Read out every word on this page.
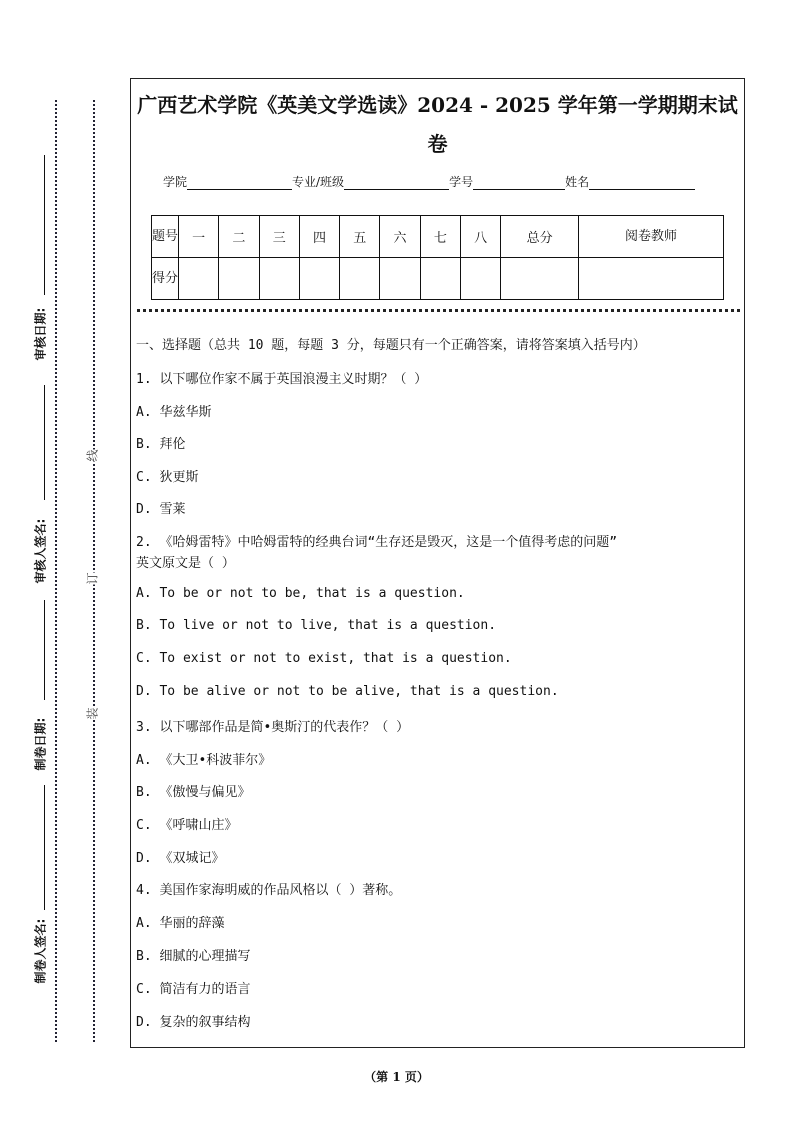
审核日期:
审核人签名:
制卷日期:
制卷人签名:
线
订
装
广西艺术学院《英美文学选读》2024 - 2025 学年第一学期期末试
卷
学院	专业/班级	学号	姓名
题号	一	二	三	四	五	六	七	八	总分	阅卷教师
得分										
一、选择题（总共 10 题，每题 3 分，每题只有一个正确答案，请将答案填入括号内）
1. 以下哪位作家不属于英国浪漫主义时期？（ ）
A. 华兹华斯
B. 拜伦
C. 狄更斯
D. 雪莱
2. 《哈姆雷特》中哈姆雷特的经典台词“生存还是毁灭，这是一个值得考虑的问题”
英文原文是（ ）
A. To be or not to be, that is a question.
B. To live or not to live, that is a question.
C. To exist or not to exist, that is a question.
D. To be alive or not to be alive, that is a question.
3. 以下哪部作品是简•奥斯汀的代表作？（ ）
A. 《大卫•科波菲尔》
B. 《傲慢与偏见》
C. 《呼啸山庄》
D. 《双城记》
4. 美国作家海明威的作品风格以（ ）著称。
A. 华丽的辞藻
B. 细腻的心理描写
C. 简洁有力的语言
D. 复杂的叙事结构
（第 1 页）
